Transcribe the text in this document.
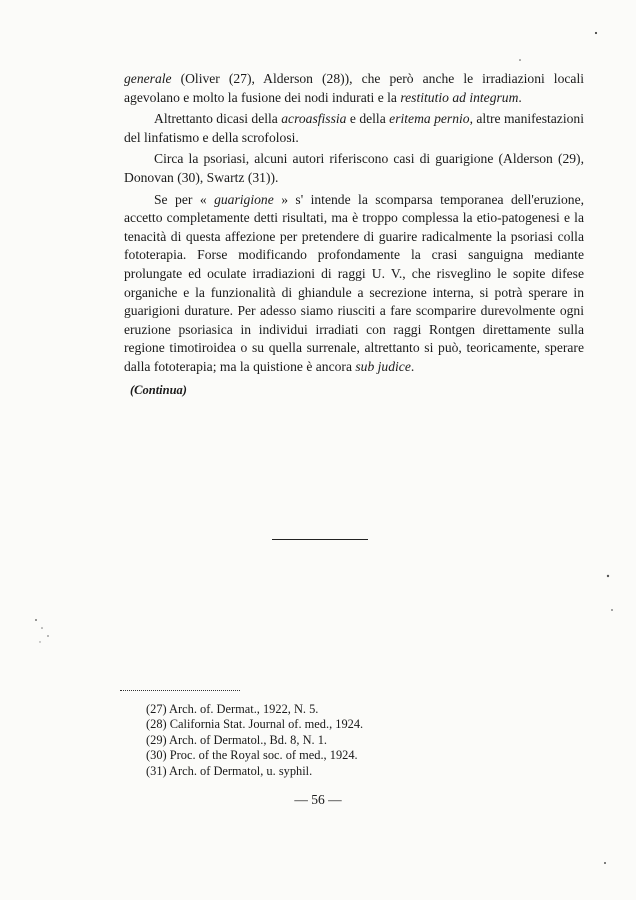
generale (Oliver (27), Alderson (28)), che però anche le irradiazioni locali agevolano e molto la fusione dei nodi indurati e la restitutio ad integrum.

Altrettanto dicasi della acroasfissia e della eritema pernio, altre manifestazioni del linfatismo e della scrofolosi.

Circa la psoriasi, alcuni autori riferiscono casi di guarigione (Alderson (29), Donovan (30), Swartz (31)).

Se per « guarigione » s' intende la scomparsa temporanea dell'eruzione, accetto completamente detti risultati, ma è troppo complessa la etio-patogenesi e la tenacità di questa affezione per pretendere di guarire radicalmente la psoriasi colla fototerapia. Forse modificando profondamente la crasi sanguigna mediante prolungate ed oculate irradiazioni di raggi U. V., che risveglino le sopite difese organiche e la funzionalità di ghiandule a secrezione interna, si potrà sperare in guarigioni durature. Per adesso siamo riusciti a fare scomparire durevolmente ogni eruzione psoriasica in individui irradiati con raggi Rontgen direttamente sulla regione timotiroidea o su quella surrenale, altrettanto si può, teoricamente, sperare dalla fototerapia; ma la quistione è ancora sub judice.

(Continua)

(27) Arch. of. Dermat., 1922, N. 5.
(28) California Stat. Journal of. med., 1924.
(29) Arch. of Dermatol., Bd. 8, N. 1.
(30) Proc. of the Royal soc. of med., 1924.
(31) Arch. of Dermatol, u. syphil.
— 56 —
